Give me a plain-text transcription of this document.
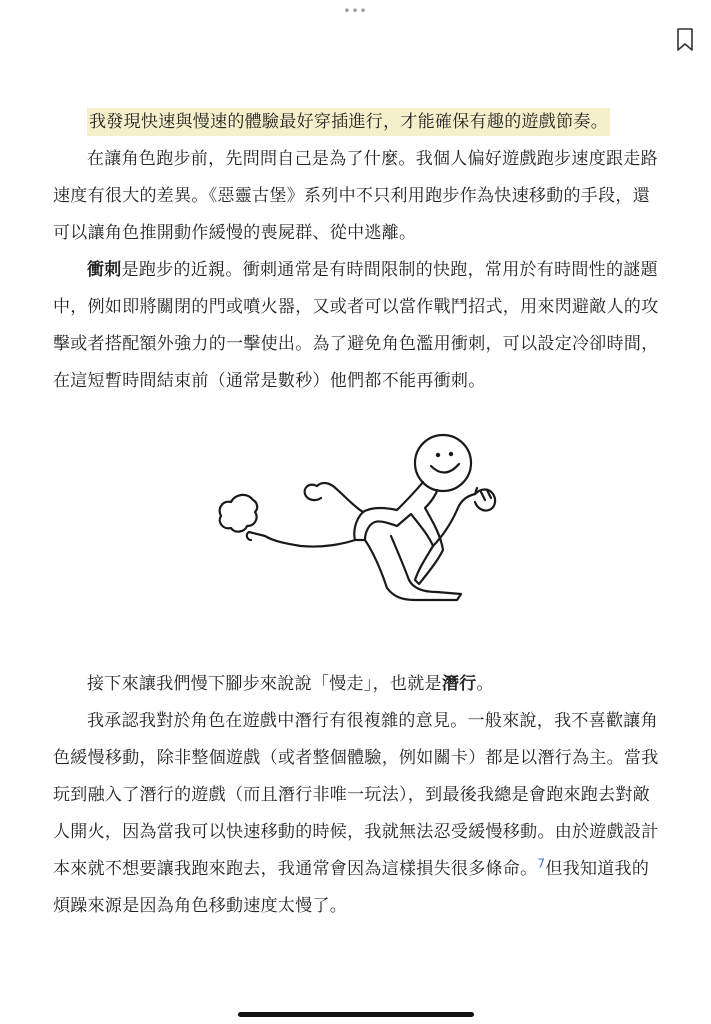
•••

我發現快速與慢速的體驗最好穿插進行，才能確保有趣的遊戲節奏。

在讓角色跑步前，先問問自己是為了什麼。我個人偏好遊戲跑步速度跟走路速度有很大的差異。《惡靈古堡》系列中不只利用跑步作為快速移動的手段，還可以讓角色推開動作緩慢的喪屍群、從中逃離。

衝刺是跑步的近親。衝刺通常是有時間限制的快跑，常用於有時間性的謎題中，例如即將關閉的門或噴火器，又或者可以當作戰鬥招式，用來閃避敵人的攻擊或者搭配額外強力的一擊使出。為了避免角色濫用衝刺，可以設定冷卻時間，在這短暫時間結束前（通常是數秒）他們都不能再衝刺。

接下來讓我們慢下腳步來說說「慢走」，也就是潛行。

我承認我對於角色在遊戲中潛行有很複雜的意見。一般來說，我不喜歡讓角色緩慢移動，除非整個遊戲（或者整個體驗，例如關卡）都是以潛行為主。當我玩到融入了潛行的遊戲（而且潛行非唯一玩法），到最後我總是會跑來跑去對敵人開火，因為當我可以快速移動的時候，我就無法忍受緩慢移動。由於遊戲設計本來就不想要讓我跑來跑去，我通常會因為這樣損失很多條命。$^7$但我知道我的煩躁來源是因為角色移動速度太慢了。
